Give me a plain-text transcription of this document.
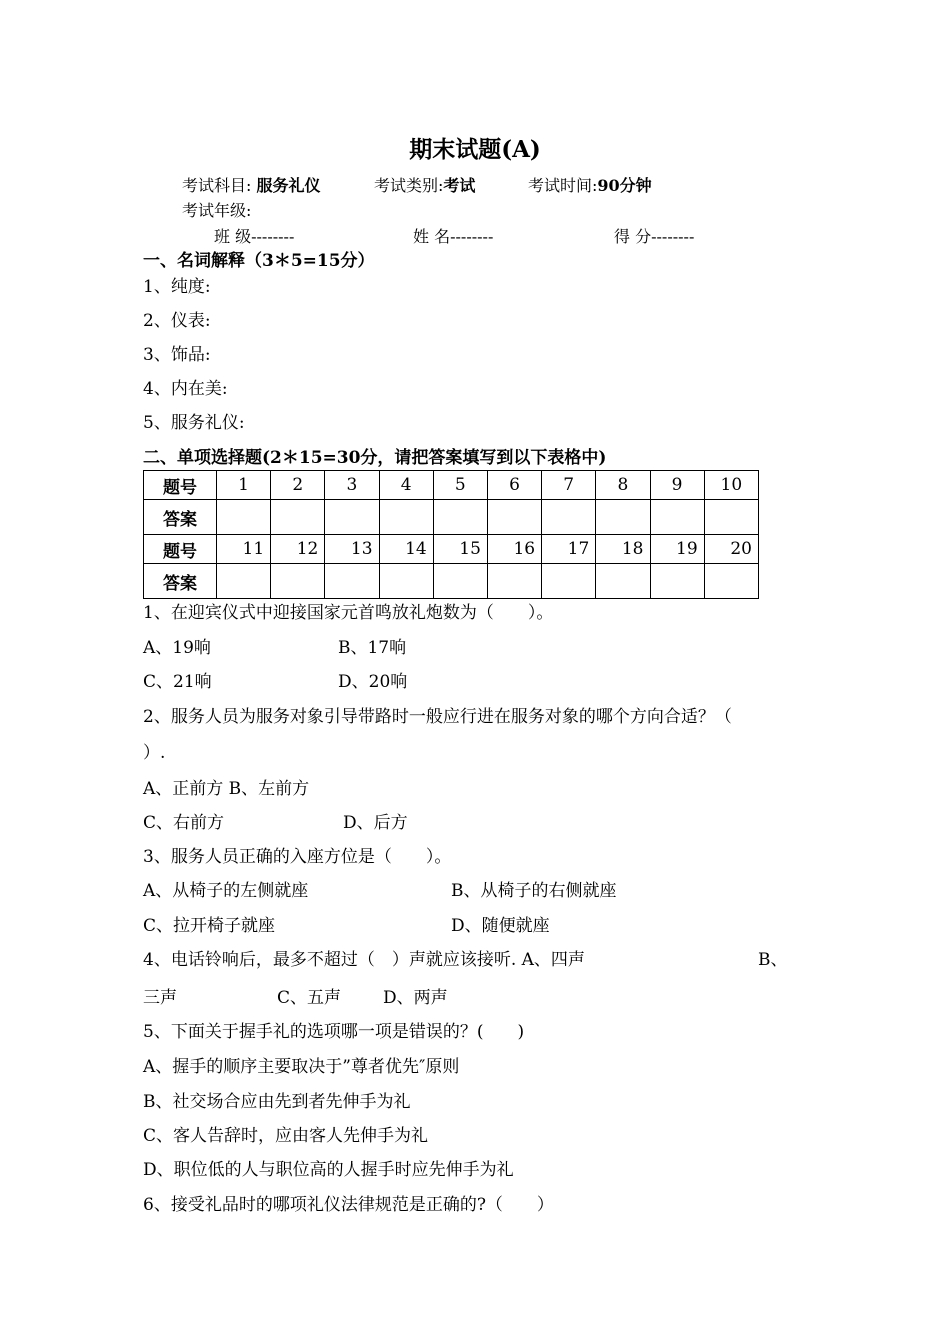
期末试题(A)
考试科目: 服务礼仪	考试类别:考试	考试时间:90分钟
考试年级:
班 级--------	姓 名--------	得 分--------
一、名词解释（3＊5=15分）
1、纯度:
2、仪表:
3、饰品:
4、内在美:
5、服务礼仪:
二、单项选择题(2＊15=30分，请把答案填写到以下表格中)
题号	1	2	3	4	5	6	7	8	9	10
答案										
题号	11	12	13	14	15	16	17	18	19	20
答案										
1、在迎宾仪式中迎接国家元首鸣放礼炮数为（　　）。
A、19响	B、17响
C、21响	D、20响
2、服务人员为服务对象引导带路时一般应行进在服务对象的哪个方向合适？（
）.
A、正前方 B、左前方
C、右前方	D、后方
3、服务人员正确的入座方位是（　　）。
A、从椅子的左侧就座	B、从椅子的右侧就座
C、拉开椅子就座	D、随便就座
4、电话铃响后，最多不超过（　）声就应该接听. A、四声	B、
三声	C、五声 D、两声
5、下面关于握手礼的选项哪一项是错误的？(　　)
A、握手的顺序主要取决于”尊者优先″原则
B、社交场合应由先到者先伸手为礼
C、客人告辞时，应由客人先伸手为礼
D、职位低的人与职位高的人握手时应先伸手为礼
6、接受礼品时的哪项礼仪法律规范是正确的?（　　）
